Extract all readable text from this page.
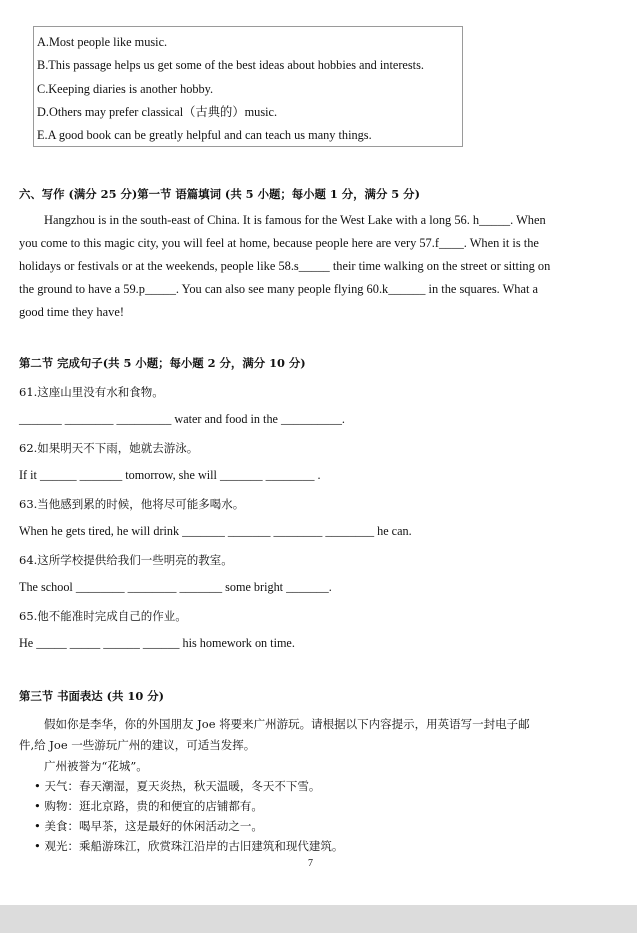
A.Most people like music.
B.This passage helps us get some of the best ideas about hobbies and interests.
C.Keeping diaries is another hobby.
D.Others may prefer classical（古典的）music.
E.A good book can be greatly helpful and can teach us many things.
六、写作 (满分 25 分)第一节 语篇填词 (共 5 小题；每小题 1 分，满分 5 分)
Hangzhou is in the south-east of China. It is famous for the West Lake with a long 56. h_____. When
you come to this magic city, you will feel at home, because people here are very 57.f____. When it is the
holidays or festivals or at the weekends, people like 58.s_____ their time walking on the street or sitting on
the ground to have a 59.p_____. You can also see many people flying 60.k______ in the squares. What a
good time they have!
第二节 完成句子(共 5 小题；每小题 2 分，满分 10 分)
61.这座山里没有水和食物。
_______ ________ _________ water and food in the __________.
62.如果明天不下雨，她就去游泳。
If it ______ _______ tomorrow, she will _______ ________ .
63.当他感到累的时候，他将尽可能多喝水。
When he gets tired, he will drink _______ _______ ________ ________ he can.
64.这所学校提供给我们一些明亮的教室。
The school ________ ________ _______ some bright _______.
65.他不能准时完成自己的作业。
He _____ _____ ______ ______ his homework on time.
第三节 书面表达 (共 10 分)
假如你是李华，你的外国朋友 Joe 将要来广州游玩。请根据以下内容提示，用英语写一封电子邮
件,给 Joe 一些游玩广州的建议，可适当发挥。
广州被誉为“花城”。
• 天气：春天潮湿，夏天炎热，秋天温暖，冬天不下雪。
• 购物：逛北京路，贵的和便宜的店铺都有。
• 美食：喝早茶，这是最好的休闲活动之一。
• 观光：乘船游珠江，欣赏珠江沿岸的古旧建筑和现代建筑。
7
